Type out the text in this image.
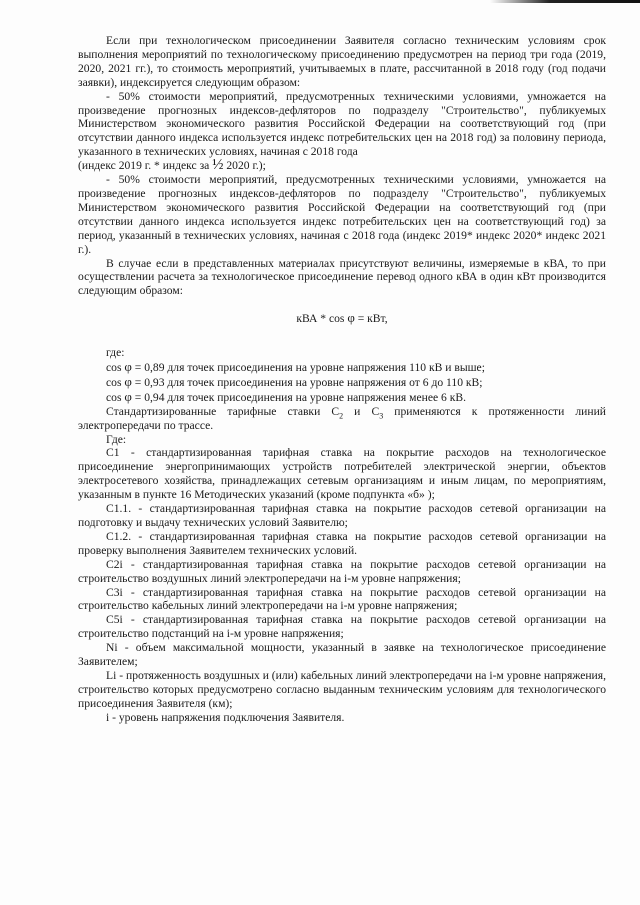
Если при технологическом присоединении Заявителя согласно техническим условиям срок выполнения мероприятий по технологическому присоединению предусмотрен на период три года (2019, 2020, 2021 гг.), то стоимость мероприятий, учитываемых в плате, рассчитанной в 2018 году (год подачи заявки), индексируется следующим образом:

- 50% стоимости мероприятий, предусмотренных техническими условиями, умножается на произведение прогнозных индексов-дефляторов по подразделу "Строительство", публикуемых Министерством экономического развития Российской Федерации на соответствующий год (при отсутствии данного индекса используется индекс потребительских цен на 2018 год) за половину периода, указанного в технических условиях, начиная с 2018 года

(индекс 2019 г. * индекс за ½ 2020 г.);

- 50% стоимости мероприятий, предусмотренных техническими условиями, умножается на произведение прогнозных индексов-дефляторов по подразделу "Строительство", публикуемых Министерством экономического развития Российской Федерации на соответствующий год (при отсутствии данного индекса используется индекс потребительских цен на соответствующий год) за период, указанный в технических условиях, начиная с 2018 года (индекс 2019* индекс 2020* индекс 2021 г.).

В случае если в представленных материалах присутствуют величины, измеряемые в кВА, то при осуществлении расчета за технологическое присоединение перевод одного кВА в один кВт производится следующим образом:

кВА * cos φ = кВт,

где:

cos φ = 0,89 для точек присоединения на уровне напряжения 110 кВ и выше;

cos φ = 0,93 для точек присоединения на уровне напряжения от 6 до 110 кВ;

cos φ = 0,94 для точек присоединения на уровне напряжения менее 6 кВ.

Стандартизированные тарифные ставки $С_2$ и $С_3$ применяются к протяженности линий электропередачи по трассе.

Где:

С1 - стандартизированная тарифная ставка на покрытие расходов на технологическое присоединение энергопринимающих устройств потребителей электрической энергии, объектов электросетевого хозяйства, принадлежащих сетевым организациям и иным лицам, по мероприятиям, указанным в пункте 16 Методических указаний (кроме подпункта «б» );

С1.1. - стандартизированная тарифная ставка на покрытие расходов сетевой организации на подготовку и выдачу технических условий Заявителю;

С1.2. - стандартизированная тарифная ставка на покрытие расходов сетевой организации на проверку выполнения Заявителем технических условий.

С2i - стандартизированная тарифная ставка на покрытие расходов сетевой организации на строительство воздушных линий электропередачи на i-м уровне напряжения;

С3i - стандартизированная тарифная ставка на покрытие расходов сетевой организации на строительство кабельных линий электропередачи на i-м уровне напряжения;

С5i - стандартизированная тарифная ставка на покрытие расходов сетевой организации на строительство подстанций на i-м уровне напряжения;

Ni - объем максимальной мощности, указанный в заявке на технологическое присоединение Заявителем;

Li - протяженность воздушных и (или) кабельных линий электропередачи на i-м уровне напряжения, строительство которых предусмотрено согласно выданным техническим условиям для технологического присоединения Заявителя (км);

i - уровень напряжения подключения Заявителя.
